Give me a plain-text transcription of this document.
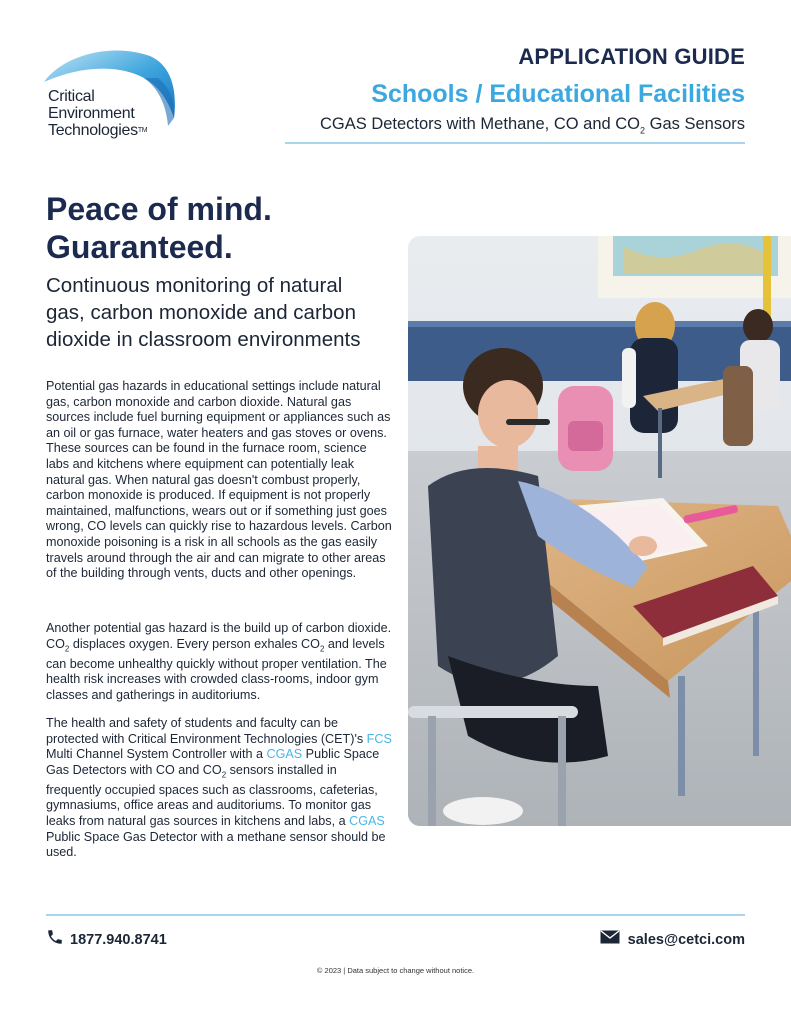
Critical
Environment
Technologies™
APPLICATION GUIDE
Schools / Educational Facilities
CGAS Detectors with Methane, CO and $CO_2$ Gas Sensors
Peace of mind.
Guaranteed.
Continuous monitoring of natural gas, carbon monoxide and carbon dioxide in classroom environments

Potential gas hazards in educational settings include natural gas, carbon monoxide and carbon dioxide. Natural gas sources include fuel burning equipment or appliances such as an oil or gas furnace, water heaters and gas stoves or ovens. These sources can be found in the furnace room, science labs and kitchens where equipment can potentially leak natural gas. When natural gas doesn't combust properly, carbon monoxide is produced. If equipment is not properly maintained, malfunctions, wears out or if something just goes wrong, CO levels can quickly rise to hazardous levels. Carbon monoxide poisoning is a risk in all schools as the gas easily travels around through the air and can migrate to other areas of the building through vents, ducts and other openings.

Another potential gas hazard is the build up of carbon dioxide. $CO_2$ displaces oxygen. Every person exhales $CO_2$ and levels can become unhealthy quickly without proper ventilation. The health risk increases with crowded class-rooms, indoor gym classes and gatherings in auditoriums.

The health and safety of students and faculty can be protected with Critical Environment Technologies (CET)'s FCS Multi Channel System Controller with a CGAS Public Space Gas Detectors with CO and $CO_2$ sensors installed in frequently occupied spaces such as classrooms, cafeterias, gymnasiums, office areas and auditoriums. To monitor gas leaks from natural gas sources in kitchens and labs, a CGAS Public Space Gas Detector with a methane sensor should be used.

1877.940.8741	sales@cetci.com
© 2023 | Data subject to change without notice.
